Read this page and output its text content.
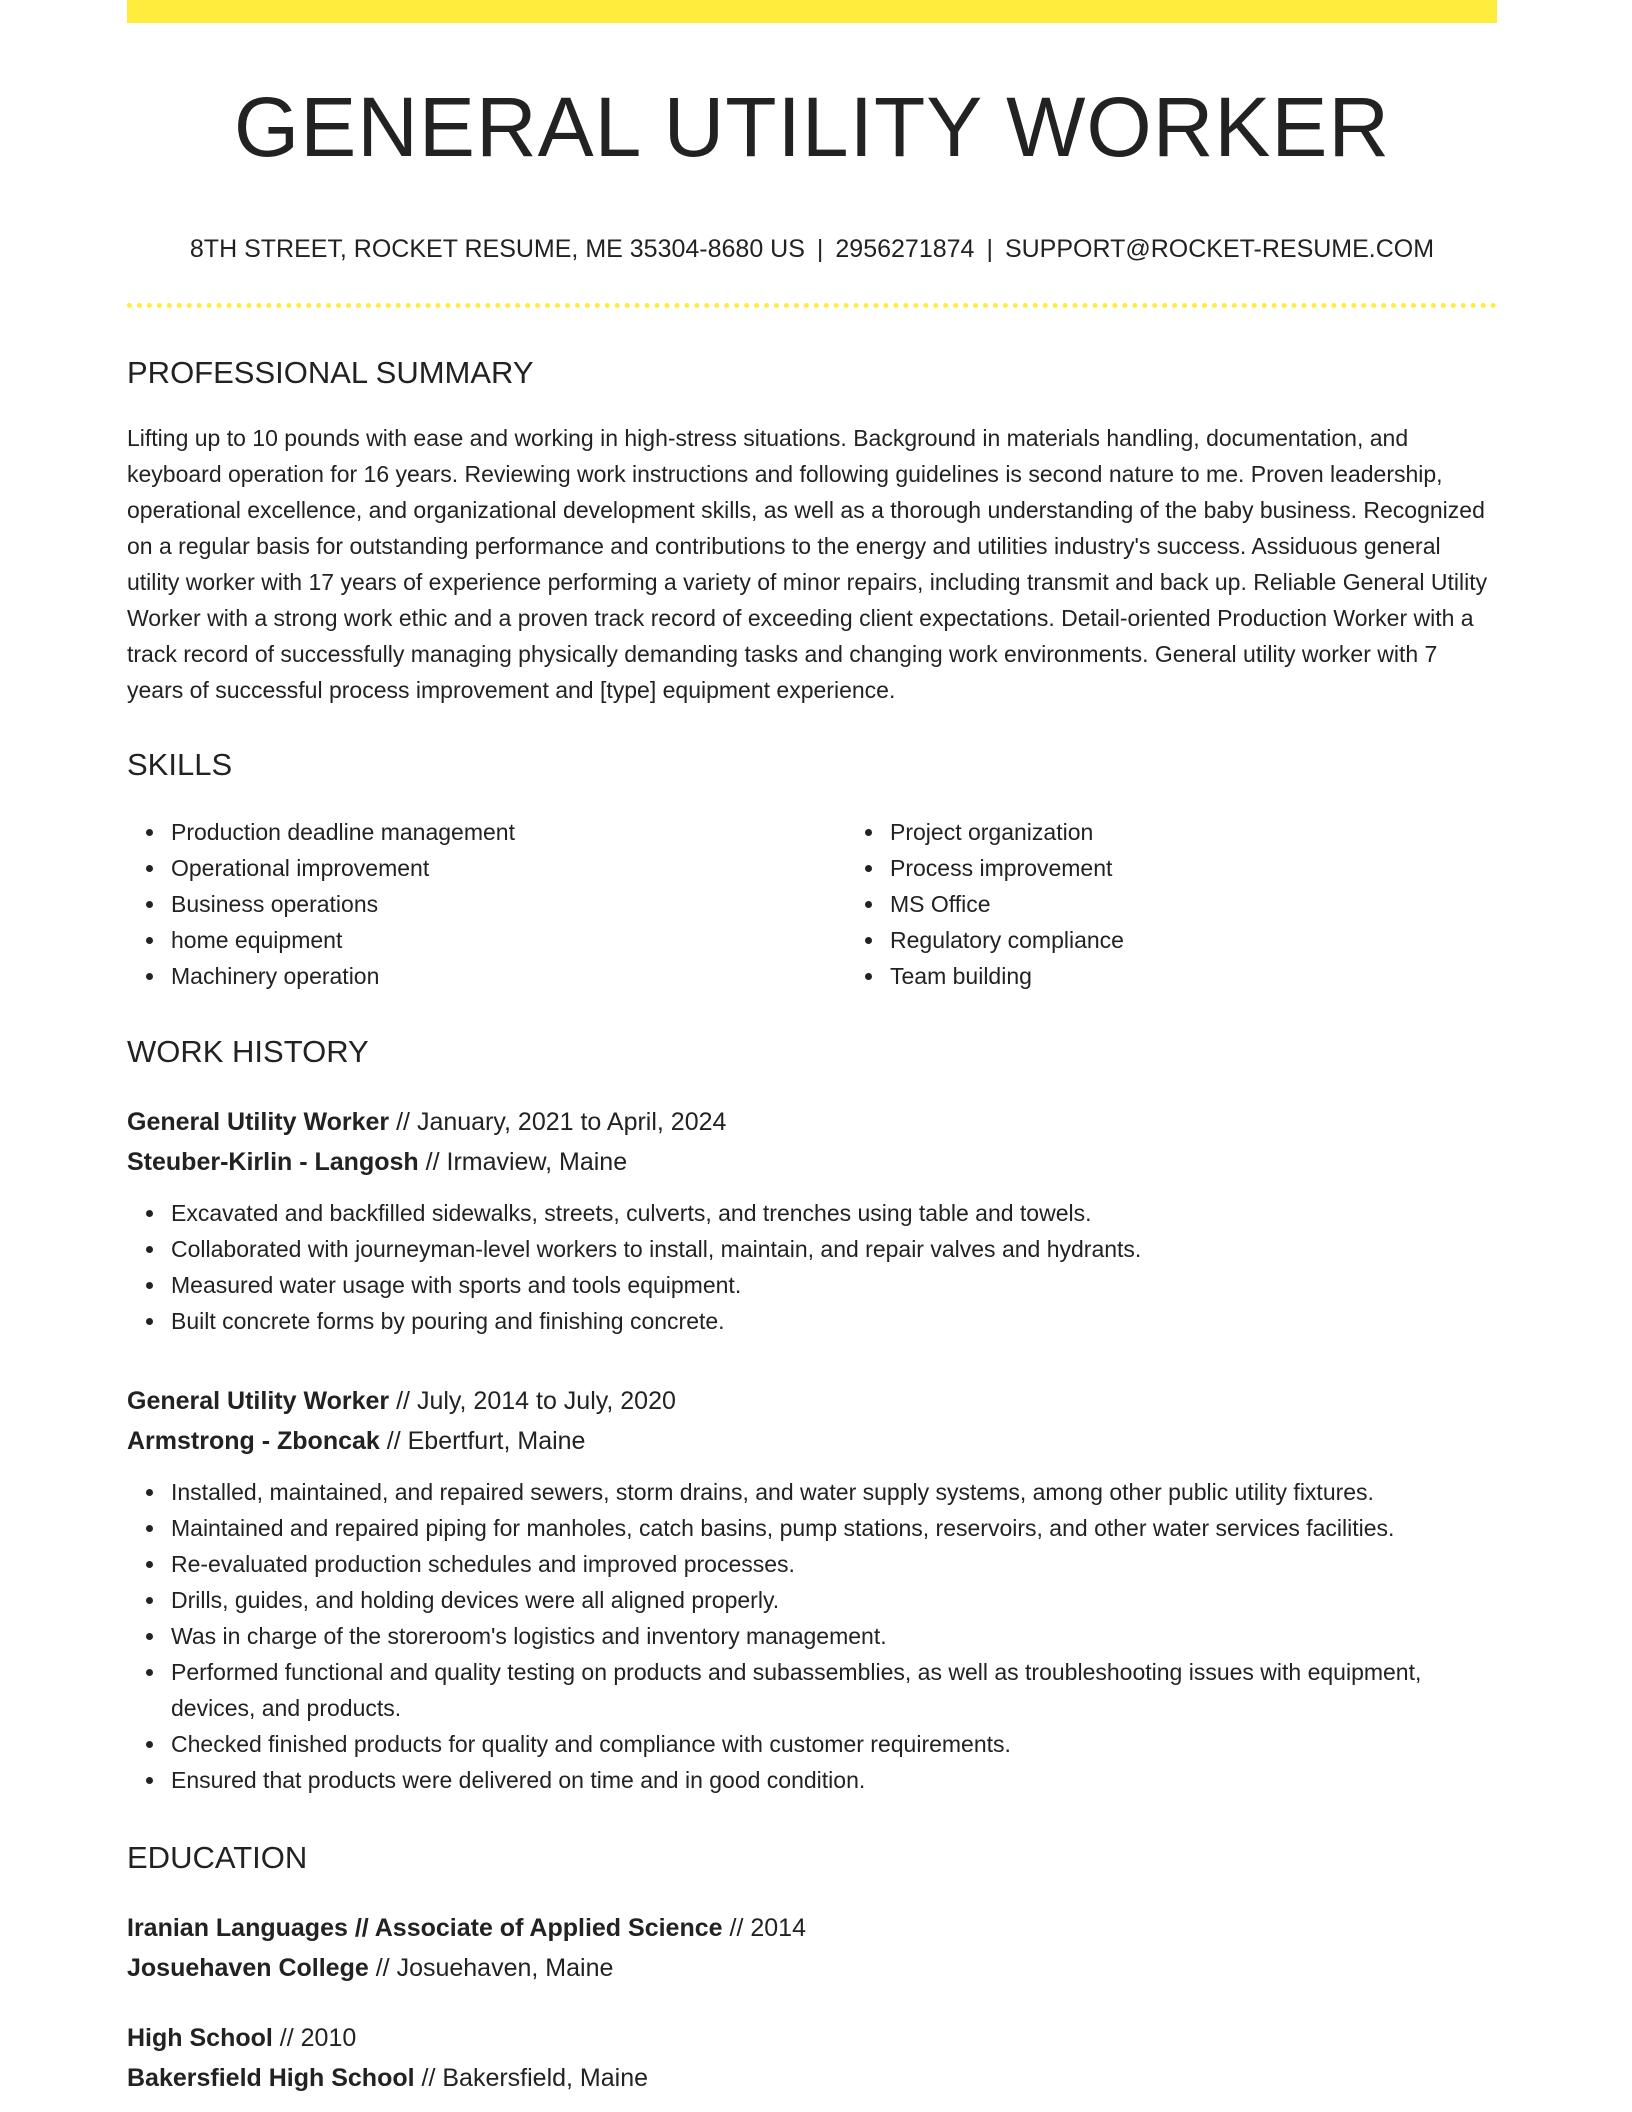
GENERAL UTILITY WORKER
8TH STREET, ROCKET RESUME, ME 35304-8680 US | 2956271874 | SUPPORT@ROCKET-RESUME.COM
PROFESSIONAL SUMMARY

Lifting up to 10 pounds with ease and working in high-stress situations. Background in materials handling, documentation, and keyboard operation for 16 years. Reviewing work instructions and following guidelines is second nature to me. Proven leadership, operational excellence, and organizational development skills, as well as a thorough understanding of the baby business. Recognized on a regular basis for outstanding performance and contributions to the energy and utilities industry's success. Assiduous general utility worker with 17 years of experience performing a variety of minor repairs, including transmit and back up. Reliable General Utility Worker with a strong work ethic and a proven track record of exceeding client expectations. Detail-oriented Production Worker with a track record of successfully managing physically demanding tasks and changing work environments. General utility worker with 7 years of successful process improvement and [type] equipment experience.

SKILLS
Production deadline management
Operational improvement
Business operations
home equipment
Machinery operation
Project organization
Process improvement
MS Office
Regulatory compliance
Team building
WORK HISTORY
General Utility Worker // January, 2021 to April, 2024
Steuber-Kirlin - Langosh // Irmaview, Maine
Excavated and backfilled sidewalks, streets, culverts, and trenches using table and towels.
Collaborated with journeyman-level workers to install, maintain, and repair valves and hydrants.
Measured water usage with sports and tools equipment.
Built concrete forms by pouring and finishing concrete.
General Utility Worker // July, 2014 to July, 2020
Armstrong - Zboncak // Ebertfurt, Maine
Installed, maintained, and repaired sewers, storm drains, and water supply systems, among other public utility fixtures.
Maintained and repaired piping for manholes, catch basins, pump stations, reservoirs, and other water services facilities.
Re-evaluated production schedules and improved processes.
Drills, guides, and holding devices were all aligned properly.
Was in charge of the storeroom's logistics and inventory management.
Performed functional and quality testing on products and subassemblies, as well as troubleshooting issues with equipment, devices, and products.
Checked finished products for quality and compliance with customer requirements.
Ensured that products were delivered on time and in good condition.
EDUCATION
Iranian Languages // Associate of Applied Science // 2014
Josuehaven College // Josuehaven, Maine
High School // 2010
Bakersfield High School // Bakersfield, Maine
